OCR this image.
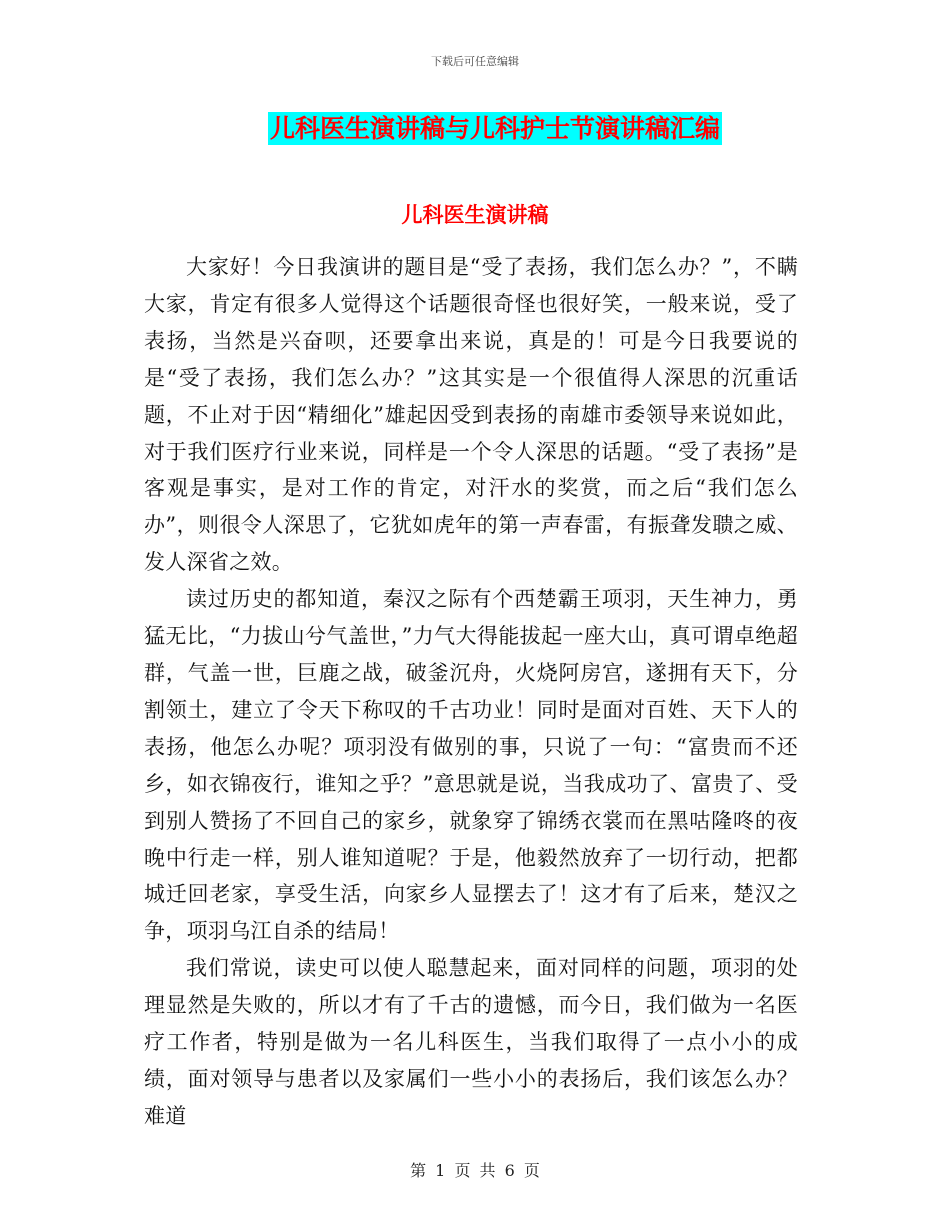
下载后可任意编辑
儿科医生演讲稿与儿科护士节演讲稿汇编
儿科医生演讲稿

大家好！今日我演讲的题目是“受了表扬，我们怎么办？”，不瞒大家，肯定有很多人觉得这个话题很奇怪也很好笑，一般来说，受了表扬，当然是兴奋呗，还要拿出来说，真是的！可是今日我要说的是“受了表扬，我们怎么办？”这其实是一个很值得人深思的沉重话题，不止对于因“精细化”雄起因受到表扬的南雄市委领导来说如此，对于我们医疗行业来说，同样是一个令人深思的话题。“受了表扬”是客观是事实，是对工作的肯定，对汗水的奖赏，而之后“我们怎么办”，则很令人深思了，它犹如虎年的第一声春雷，有振聋发聩之威、发人深省之效。

读过历史的都知道，秦汉之际有个西楚霸王项羽，天生神力，勇猛无比，“力拔山兮气盖世，”力气大得能拔起一座大山，真可谓卓绝超群，气盖一世，巨鹿之战，破釜沉舟，火烧阿房宫，遂拥有天下，分割领土，建立了令天下称叹的千古功业！同时是面对百姓、天下人的表扬，他怎么办呢？项羽没有做别的事，只说了一句：“富贵而不还乡，如衣锦夜行，谁知之乎？”意思就是说，当我成功了、富贵了、受到别人赞扬了不回自己的家乡，就象穿了锦绣衣裳而在黑咕隆咚的夜晚中行走一样，别人谁知道呢？于是，他毅然放弃了一切行动，把都城迁回老家，享受生活，向家乡人显摆去了！这才有了后来，楚汉之争，项羽乌江自杀的结局！

我们常说，读史可以使人聪慧起来，面对同样的问题，项羽的处理显然是失败的，所以才有了千古的遗憾，而今日，我们做为一名医疗工作者，特别是做为一名儿科医生，当我们取得了一点小小的成绩，面对领导与患者以及家属们一些小小的表扬后，我们该怎么办？难道

第 1 页 共 6 页
